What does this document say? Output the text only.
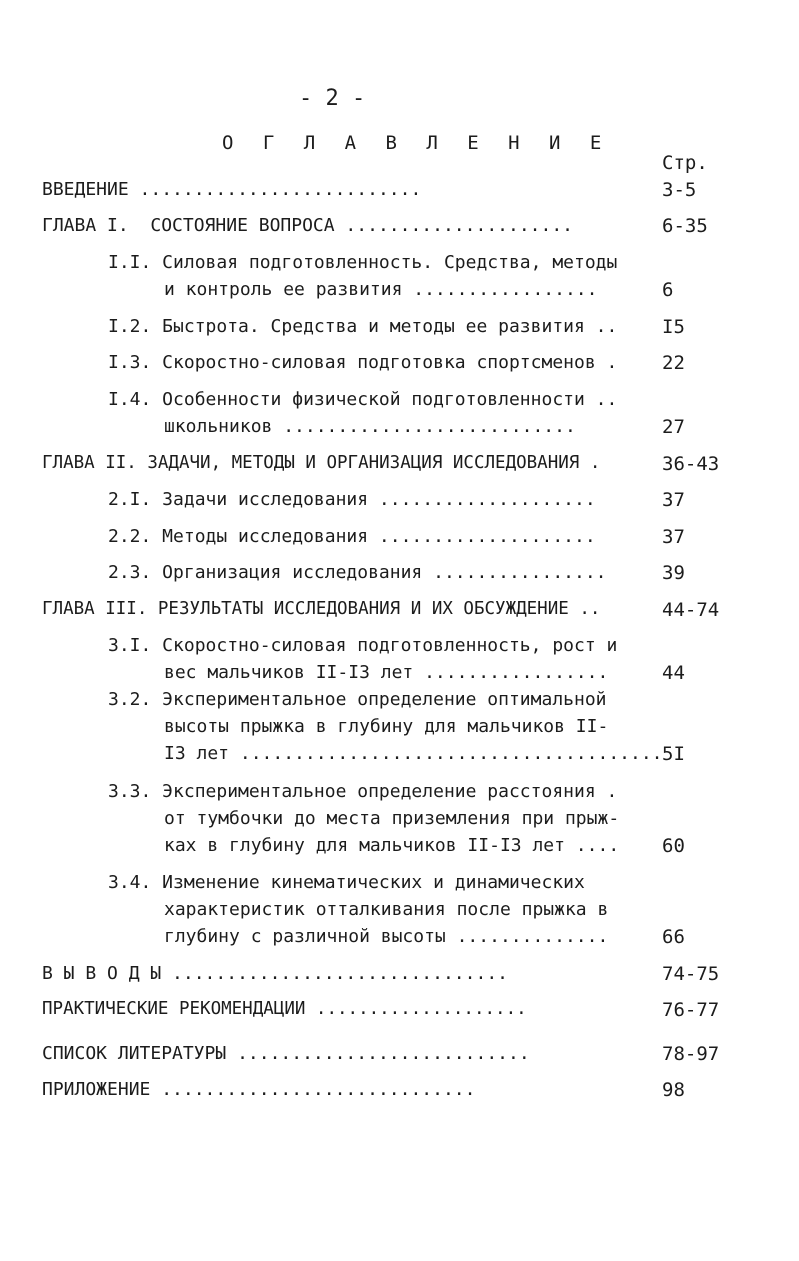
- 2 -
О Г Л А В Л Е Н И Е
Стр.
ВВЕДЕНИЕ ..........................	3-5
ГЛАВА I.  СОСТОЯНИЕ ВОПРОСА .....................	6-35
I.I. Силовая подготовленность. Средства, методы
и контроль ее развития .................	6
I.2. Быстрота. Средства и методы ее развития .. I5
I.3. Скоростно-силовая подготовка спортсменов . 22
I.4. Особенности физической подготовленности ..
школьников ...........................	27
ГЛАВА II. ЗАДАЧИ, МЕТОДЫ И ОРГАНИЗАЦИЯ ИССЛЕДОВАНИЯ .	36-43
2.I. Задачи исследования ....................	37
2.2. Методы исследования ....................	37
2.3. Организация исследования ................	39
ГЛАВА III. РЕЗУЛЬТАТЫ ИССЛЕДОВАНИЯ И ИХ ОБСУЖДЕНИЕ ..	44-74
3.I. Скоростно-силовая подготовленность, рост и
вес мальчиков II-I3 лет .................	44
3.2. Экспериментальное определение оптимальной
высоты прыжка в глубину для мальчиков II-
I3 лет ....................................... 5I
3.3. Экспериментальное определение расстояния .
от тумбочки до места приземления при прыж-
ках в глубину для мальчиков II-I3 лет .... 60
3.4. Изменение кинематических и динамических
характеристик отталкивания после прыжка в
глубину с различной высоты ..............	66
В Ы В О Д Ы ...............................	74-75
ПРАКТИЧЕСКИЕ РЕКОМЕНДАЦИИ ....................	76-77
СПИСОК ЛИТЕРАТУРЫ ...........................	78-97
ПРИЛОЖЕНИЕ .............................	98
